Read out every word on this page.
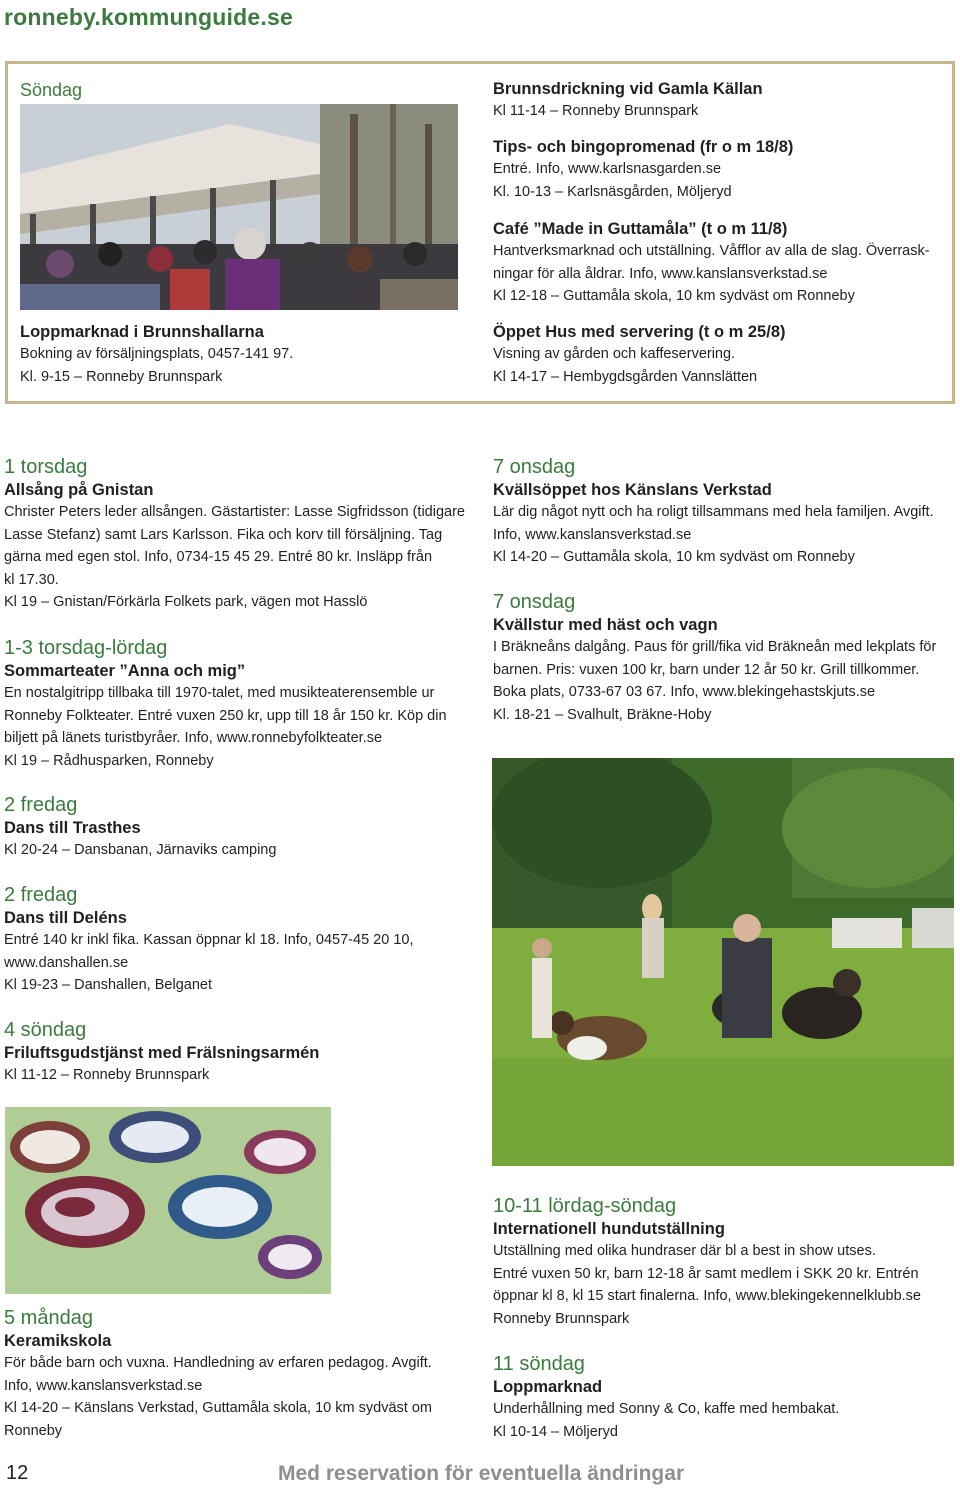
ronneby.kommunguide.se
Söndag
Loppmarknad i Brunnshallarna
Bokning av försäljningsplats, 0457-141 97.
Kl. 9-15 – Ronneby Brunnspark
Brunnsdrickning vid Gamla Källan
Kl 11-14 – Ronneby Brunnspark
Tips- och bingopromenad (fr o m 18/8)
Entré. Info, www.karlsnasgarden.se
Kl. 10-13 – Karlsnäsgården, Möljeryd
Café ”Made in Guttamåla” (t o m 11/8)
Hantverksmarknad och utställning. Våfflor av alla de slag. Överrask-
ningar för alla åldrar. Info, www.kanslansverkstad.se
Kl 12-18 – Guttamåla skola, 10 km sydväst om Ronneby
Öppet Hus med servering (t o m 25/8)
Visning av gården och kaffeservering.
Kl 14-17 – Hembygdsgården Vannslätten
1 torsdag
Allsång på Gnistan
Christer Peters leder allsången. Gästartister: Lasse Sigfridsson (tidigare
Lasse Stefanz) samt Lars Karlsson. Fika och korv till försäljning. Tag
gärna med egen stol. Info, 0734-15 45 29. Entré 80 kr. Insläpp från
kl 17.30.
Kl 19 – Gnistan/Förkärla Folkets park, vägen mot Hasslö
1-3 torsdag-lördag
Sommarteater ”Anna och mig”
En nostalgitripp tillbaka till 1970-talet, med musikteaterensemble ur
Ronneby Folkteater. Entré vuxen 250 kr, upp till 18 år 150 kr. Köp din
biljett på länets turistbyråer. Info, www.ronnebyfolkteater.se
Kl 19 – Rådhusparken, Ronneby
2 fredag
Dans till Trasthes
Kl 20-24 – Dansbanan, Järnaviks camping
2 fredag
Dans till Deléns
Entré 140 kr inkl fika. Kassan öppnar kl 18. Info, 0457-45 20 10,
www.danshallen.se
Kl 19-23 – Danshallen, Belganet
4 söndag
Friluftsgudstjänst med Frälsningsarmén
Kl 11-12 – Ronneby Brunnspark
5 måndag
Keramikskola
För både barn och vuxna. Handledning av erfaren pedagog. Avgift.
Info, www.kanslansverkstad.se
Kl 14-20 – Känslans Verkstad, Guttamåla skola, 10 km sydväst om
Ronneby
7 onsdag
Kvällsöppet hos Känslans Verkstad
Lär dig något nytt och ha roligt tillsammans med hela familjen. Avgift.
Info, www.kanslansverkstad.se
Kl 14-20 – Guttamåla skola, 10 km sydväst om Ronneby
7 onsdag
Kvällstur med häst och vagn
I Bräkneåns dalgång. Paus för grill/fika vid Bräkneån med lekplats för
barnen. Pris: vuxen 100 kr, barn under 12 år 50 kr. Grill tillkommer.
Boka plats, 0733-67 03 67. Info, www.blekingehastskjuts.se
Kl. 18-21 – Svalhult, Bräkne-Hoby
10-11 lördag-söndag
Internationell hundutställning
Utställning med olika hundraser där bl a best in show utses.
Entré vuxen 50 kr, barn 12-18 år samt medlem i SKK 20 kr. Entrén
öppnar kl 8, kl 15 start finalerna. Info, www.blekingekennelklubb.se
Ronneby Brunnspark
11 söndag
Loppmarknad
Underhållning med Sonny & Co, kaffe med hembakat.
Kl 10-14 – Möljeryd
12	Med reservation för eventuella ändringar
